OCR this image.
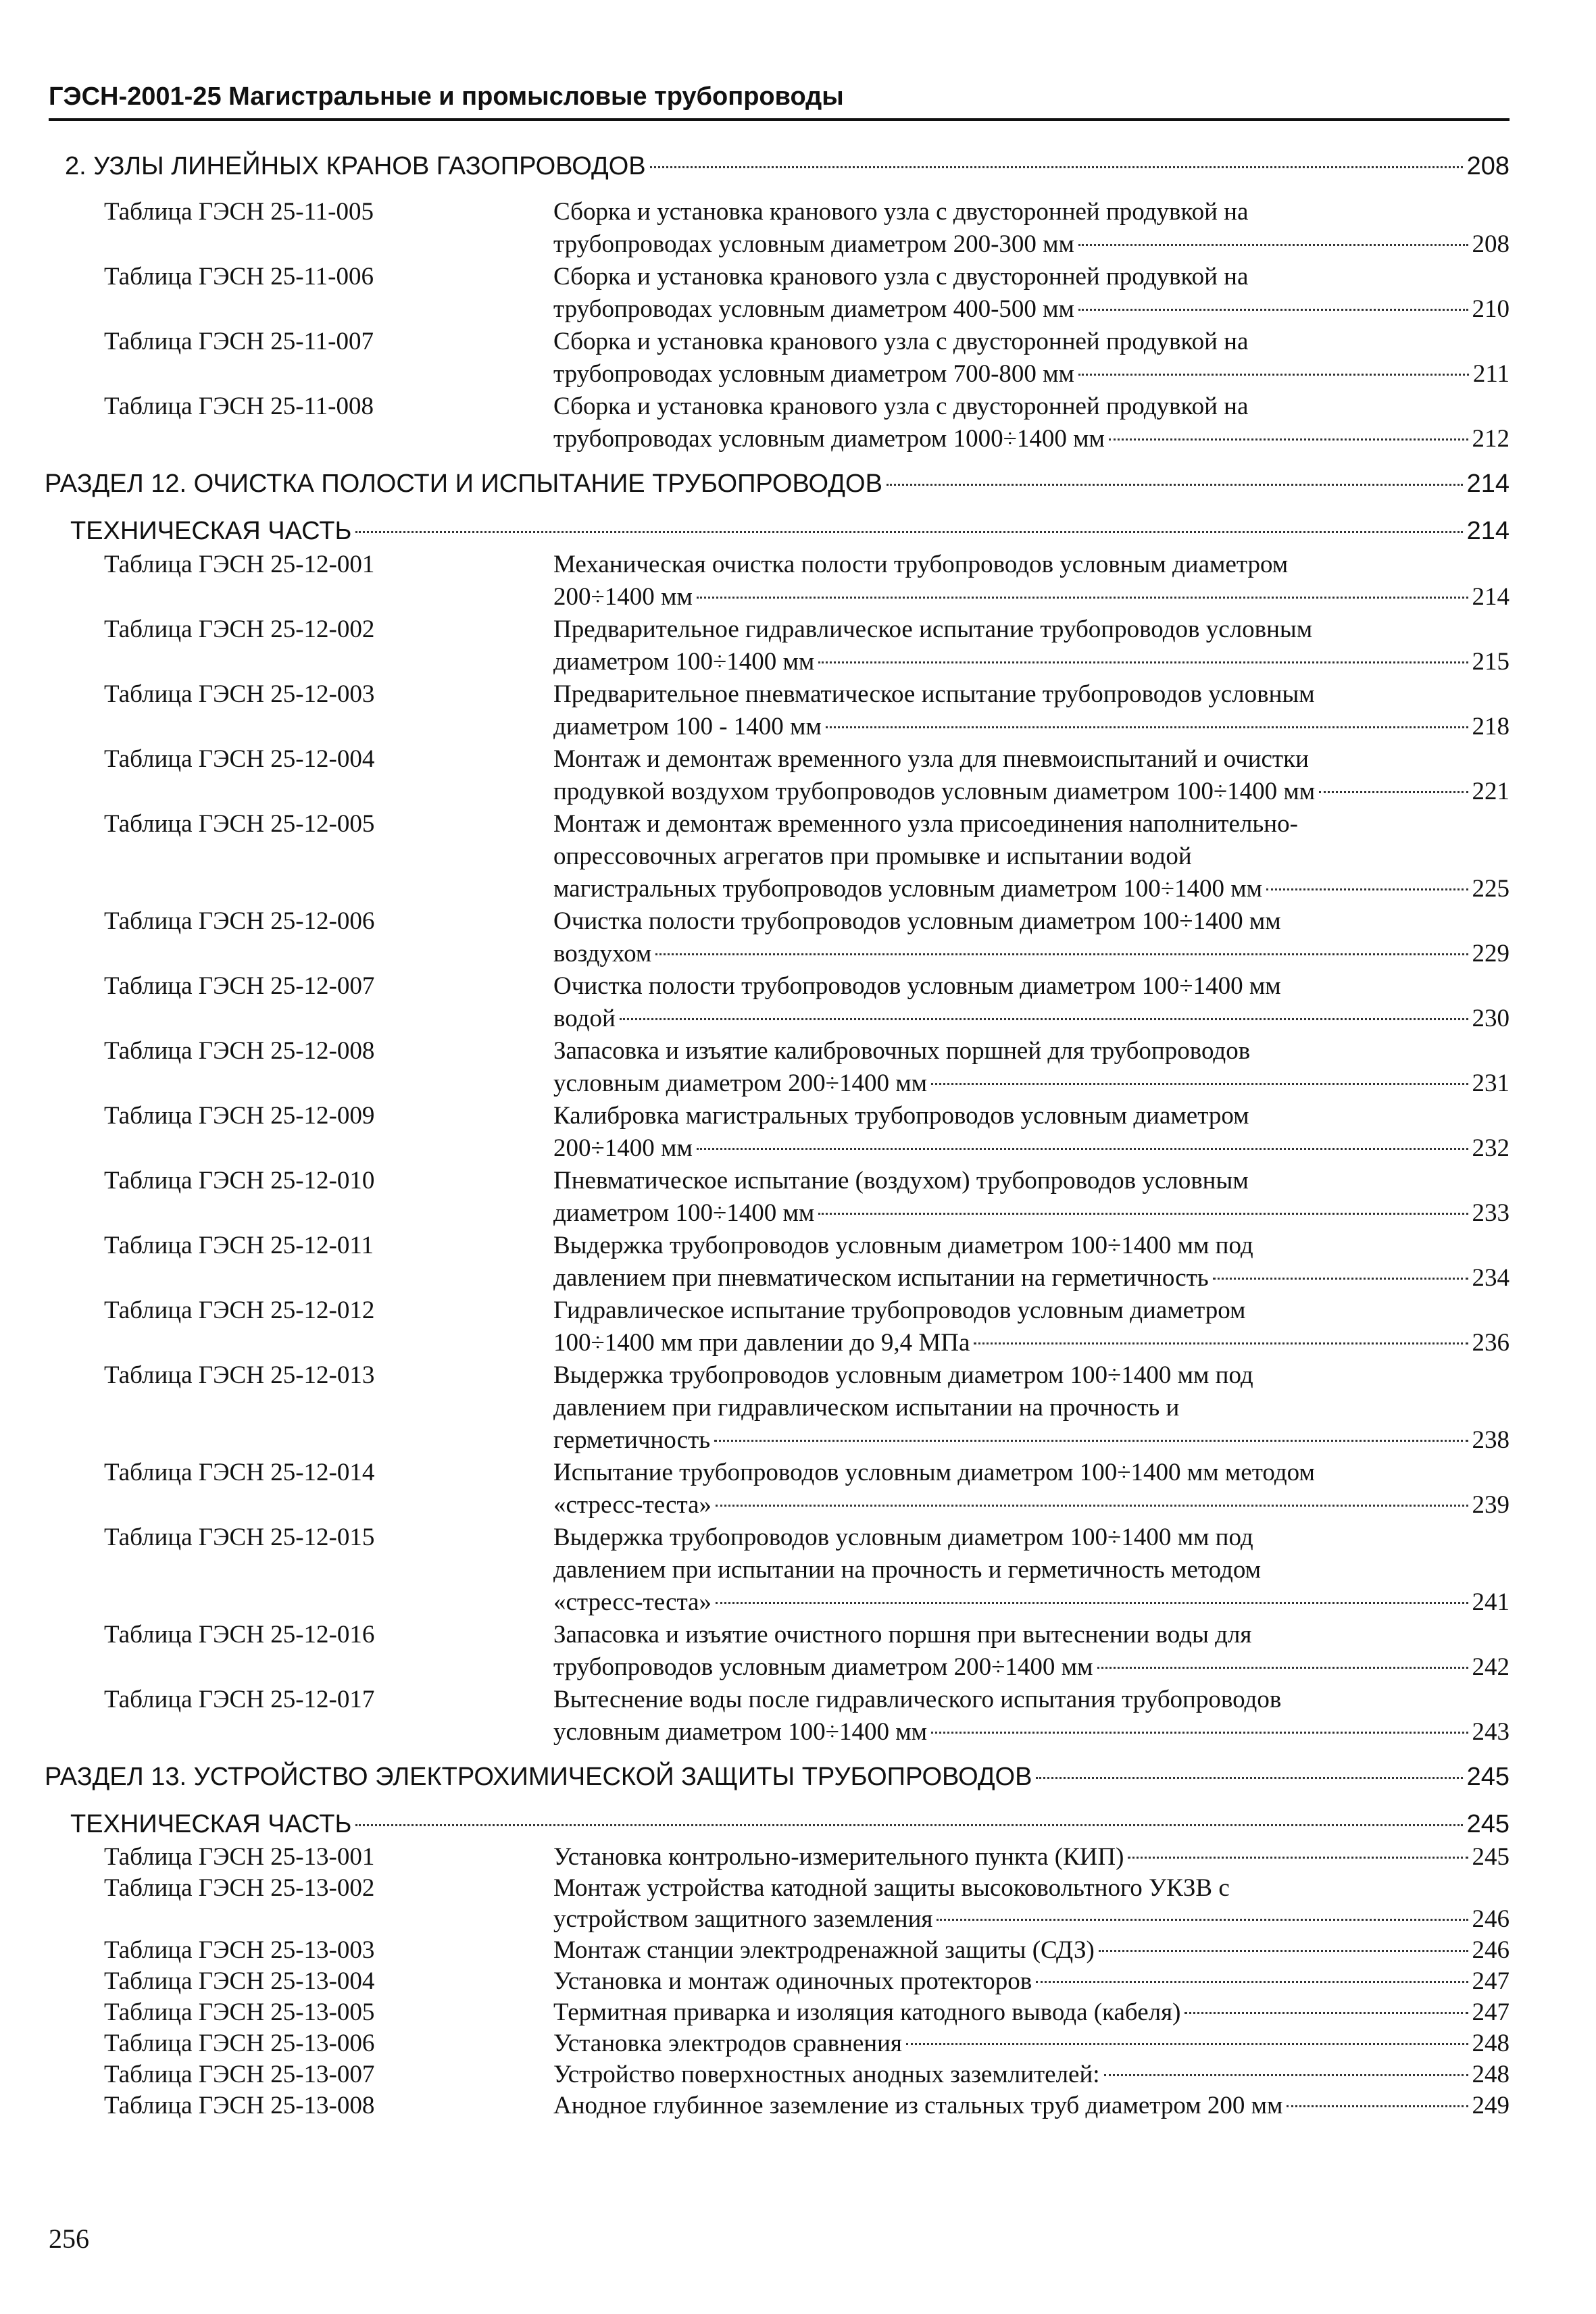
ГЭСН-2001-25 Магистральные и промысловые трубопроводы
2. УЗЛЫ ЛИНЕЙНЫХ КРАНОВ ГАЗОПРОВОДОВ	208
Таблица ГЭСН 25-11-005	Сборка и установка кранового узла с двусторонней продувкой на
трубопроводах условным диаметром 200-300 мм	208
Таблица ГЭСН 25-11-006	Сборка и установка кранового узла с двусторонней продувкой на
трубопроводах условным диаметром 400-500 мм	210
Таблица ГЭСН 25-11-007	Сборка и установка кранового узла с двусторонней продувкой на
трубопроводах условным диаметром 700-800 мм	211
Таблица ГЭСН 25-11-008	Сборка и установка кранового узла с двусторонней продувкой на
трубопроводах условным диаметром 1000÷1400 мм	212
РАЗДЕЛ 12. ОЧИСТКА ПОЛОСТИ И ИСПЫТАНИЕ ТРУБОПРОВОДОВ	214
ТЕХНИЧЕСКАЯ ЧАСТЬ	214
Таблица ГЭСН 25-12-001	Механическая очистка полости трубопроводов условным диаметром
200÷1400 мм	214
Таблица ГЭСН 25-12-002	Предварительное гидравлическое испытание трубопроводов условным
диаметром 100÷1400 мм	215
Таблица ГЭСН 25-12-003	Предварительное пневматическое испытание трубопроводов условным
диаметром 100 - 1400 мм	218
Таблица ГЭСН 25-12-004	Монтаж и демонтаж временного узла для пневмоиспытаний и очистки
продувкой воздухом трубопроводов условным диаметром 100÷1400 мм	221
Таблица ГЭСН 25-12-005	Монтаж и демонтаж временного узла присоединения наполнительно-
опрессовочных агрегатов при промывке и испытании водой
магистральных трубопроводов условным диаметром 100÷1400 мм	225
Таблица ГЭСН 25-12-006	Очистка полости трубопроводов условным диаметром 100÷1400 мм
воздухом	229
Таблица ГЭСН 25-12-007	Очистка полости трубопроводов условным диаметром 100÷1400 мм
водой	230
Таблица ГЭСН 25-12-008	Запасовка и изъятие калибровочных поршней для трубопроводов
условным диаметром 200÷1400 мм	231
Таблица ГЭСН 25-12-009	Калибровка магистральных трубопроводов условным диаметром
200÷1400 мм	232
Таблица ГЭСН 25-12-010	Пневматическое испытание (воздухом) трубопроводов условным
диаметром 100÷1400 мм	233
Таблица ГЭСН 25-12-011	Выдержка трубопроводов условным диаметром 100÷1400 мм под
давлением при пневматическом испытании на герметичность	234
Таблица ГЭСН 25-12-012	Гидравлическое испытание трубопроводов условным диаметром
100÷1400 мм при давлении до 9,4 МПа	236
Таблица ГЭСН 25-12-013	Выдержка трубопроводов условным диаметром 100÷1400 мм под
давлением при гидравлическом испытании на прочность и
герметичность	238
Таблица ГЭСН 25-12-014	Испытание трубопроводов условным диаметром 100÷1400 мм методом
«стресс-теста»	239
Таблица ГЭСН 25-12-015	Выдержка трубопроводов условным диаметром 100÷1400 мм под
давлением при испытании на прочность и герметичность методом
«стресс-теста»	241
Таблица ГЭСН 25-12-016	Запасовка и изъятие очистного поршня при вытеснении воды для
трубопроводов условным диаметром 200÷1400 мм	242
Таблица ГЭСН 25-12-017	Вытеснение воды после гидравлического испытания трубопроводов
условным диаметром 100÷1400 мм	243
РАЗДЕЛ 13. УСТРОЙСТВО ЭЛЕКТРОХИМИЧЕСКОЙ ЗАЩИТЫ ТРУБОПРОВОДОВ	245
ТЕХНИЧЕСКАЯ ЧАСТЬ	245
Таблица ГЭСН 25-13-001	Установка контрольно-измерительного пункта (КИП)	245
Таблица ГЭСН 25-13-002	Монтаж устройства катодной защиты высоковольтного УКЗВ с
устройством защитного заземления	246
Таблица ГЭСН 25-13-003	Монтаж станции электродренажной защиты (СДЗ)	246
Таблица ГЭСН 25-13-004	Установка и монтаж одиночных протекторов	247
Таблица ГЭСН 25-13-005	Термитная приварка и изоляция катодного вывода (кабеля)	247
Таблица ГЭСН 25-13-006	Установка электродов сравнения	248
Таблица ГЭСН 25-13-007	Устройство поверхностных анодных заземлителей:	248
Таблица ГЭСН 25-13-008	Анодное глубинное заземление из стальных труб диаметром 200 мм	249
256
